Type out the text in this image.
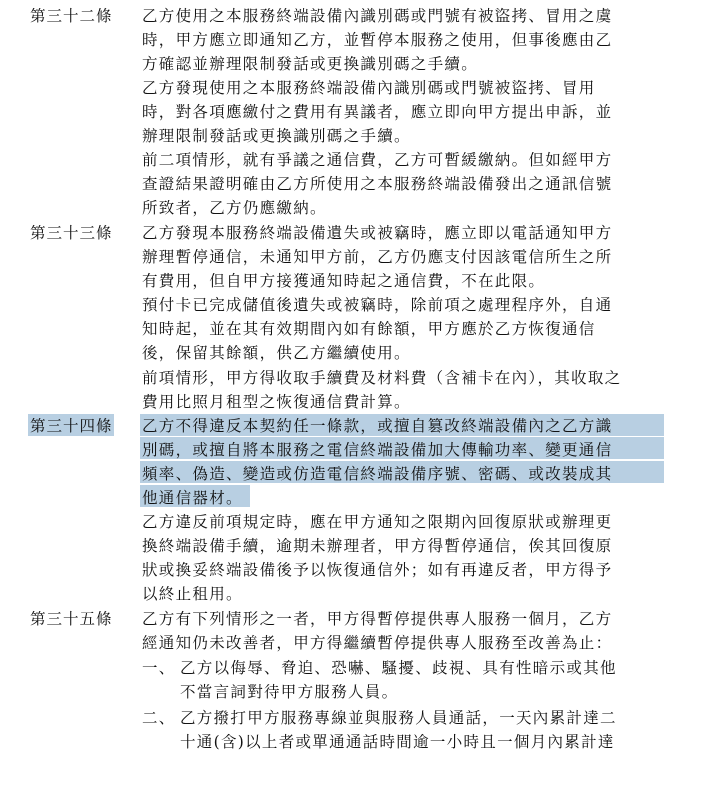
第三十二條 乙方使用之本服務終端設備內識別碼或門號有被盜拷、冒用之虞
時，甲方應立即通知乙方，並暫停本服務之使用，但事後應由乙
方確認並辦理限制發話或更換識別碼之手續。
乙方發現使用之本服務終端設備內識別碼或門號被盜拷、冒用
時，對各項應繳付之費用有異議者，應立即向甲方提出申訴，並
辦理限制發話或更換識別碼之手續。
前二項情形，就有爭議之通信費，乙方可暫緩繳納。但如經甲方
查證結果證明確由乙方所使用之本服務終端設備發出之通訊信號
所致者，乙方仍應繳納。
第三十三條 乙方發現本服務終端設備遺失或被竊時，應立即以電話通知甲方
辦理暫停通信，未通知甲方前，乙方仍應支付因該電信所生之所
有費用，但自甲方接獲通知時起之通信費，不在此限。
預付卡已完成儲值後遺失或被竊時，除前項之處理程序外，自通
知時起，並在其有效期間內如有餘額，甲方應於乙方恢復通信
後，保留其餘額，供乙方繼續使用。
前項情形，甲方得收取手續費及材料費（含補卡在內），其收取之
費用比照月租型之恢復通信費計算。
第三十四條 乙方不得違反本契約任一條款，或擅自篡改終端設備內之乙方識
別碼，或擅自將本服務之電信終端設備加大傳輸功率、變更通信
頻率、偽造、變造或仿造電信終端設備序號、密碼、或改裝成其
他通信器材。
乙方違反前項規定時，應在甲方通知之限期內回復原狀或辦理更
換終端設備手續，逾期未辦理者，甲方得暫停通信，俟其回復原
狀或換妥終端設備後予以恢復通信外；如有再違反者，甲方得予
以終止租用。
第三十五條 乙方有下列情形之一者，甲方得暫停提供專人服務一個月，乙方
經通知仍未改善者，甲方得繼續暫停提供專人服務至改善為止：
一、 乙方以侮辱、脅迫、恐嚇、騷擾、歧視、具有性暗示或其他
不當言詞對待甲方服務人員。
二、 乙方撥打甲方服務專線並與服務人員通話，一天內累計達二
十通(含)以上者或單通通話時間逾一小時且一個月內累計達
